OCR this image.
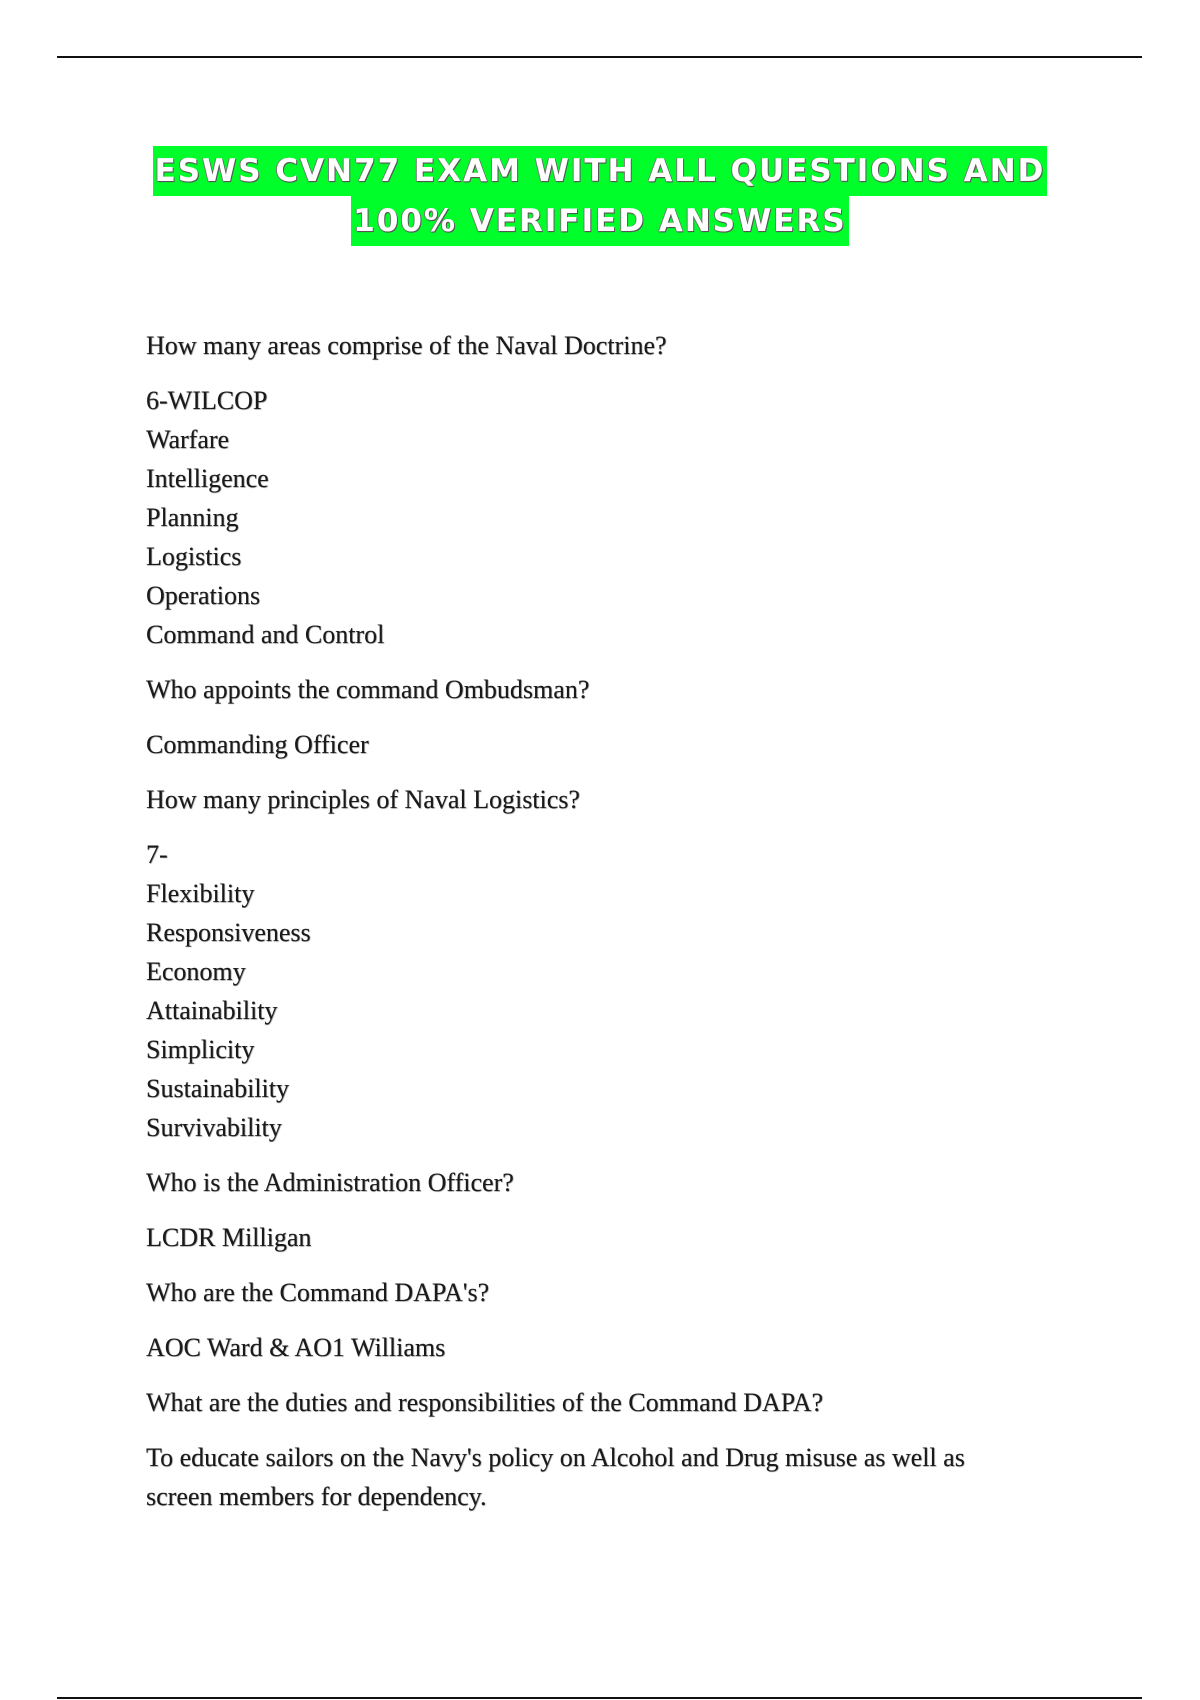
ESWS CVN77 EXAM WITH ALL QUESTIONS AND
100% VERIFIED ANSWERS
How many areas comprise of the Naval Doctrine?
6-WILCOP
Warfare
Intelligence
Planning
Logistics
Operations
Command and Control
Who appoints the command Ombudsman?
Commanding Officer
How many principles of Naval Logistics?
7-
Flexibility
Responsiveness
Economy
Attainability
Simplicity
Sustainability
Survivability
Who is the Administration Officer?
LCDR Milligan
Who are the Command DAPA's?
AOC Ward & AO1 Williams
What are the duties and responsibilities of the Command DAPA?
To educate sailors on the Navy's policy on Alcohol and Drug misuse as well as
screen members for dependency.
